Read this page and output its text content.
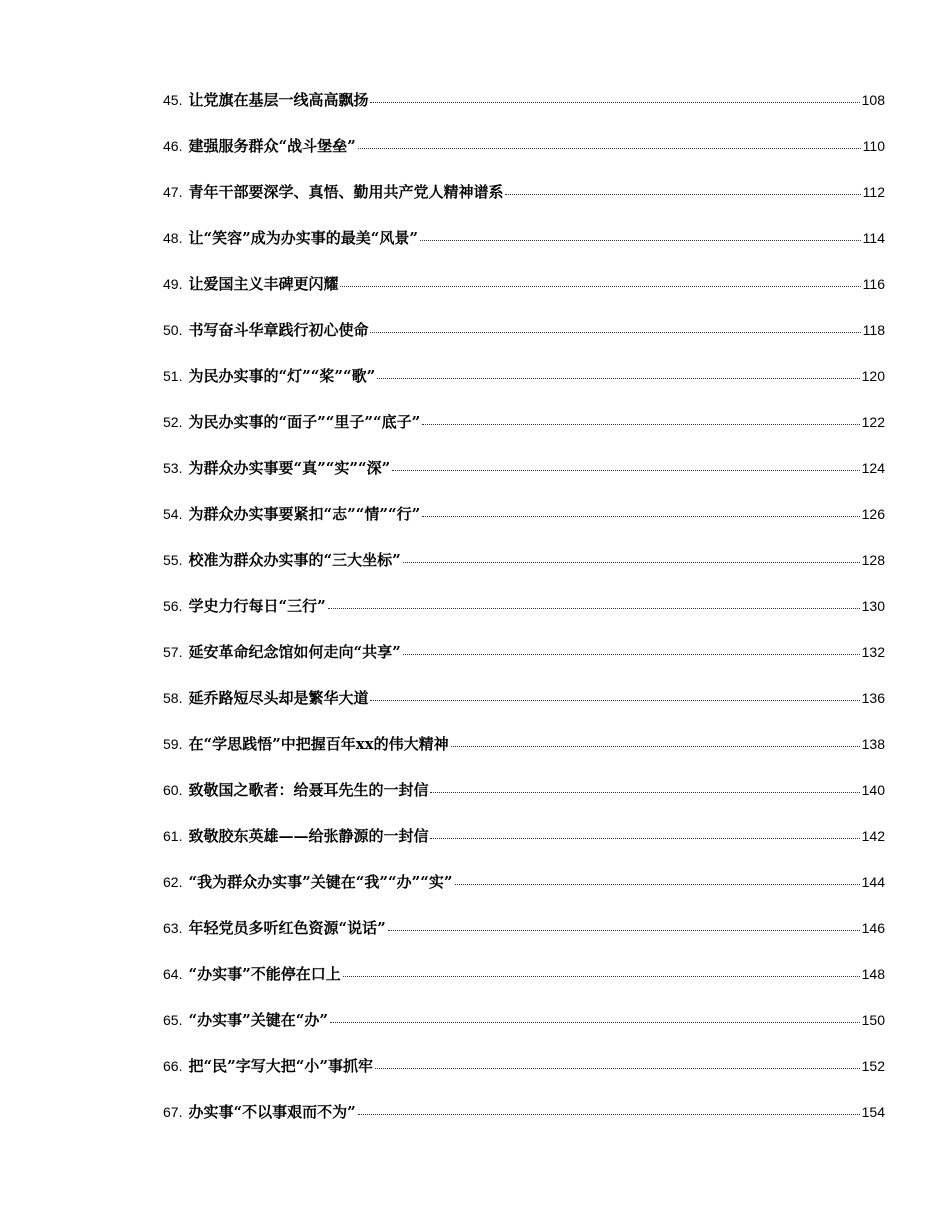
45 . 让党旗在基层一线高高飘扬	108
46 . 建强服务群众“战斗堡垒”	110
47 . 青年干部要深学、真悟、勤用共产党人精神谱系	112
48 . 让“笑容”成为办实事的最美“风景”	114
49 . 让爱国主义丰碑更闪耀	116
50 . 书写奋斗华章践行初心使命	118
51 . 为民办实事的“灯”“桨”“歌”	120
52 . 为民办实事的“面子”“里子”“底子”	122
53 . 为群众办实事要“真”“实”“深”	124
54 . 为群众办实事要紧扣“志”“情”“行”	126
55 . 校准为群众办实事的“三大坐标”	128
56 . 学史力行每日“三行”	130
57 . 延安革命纪念馆如何走向“共享”	132
58 . 延乔路短尽头却是繁华大道	136
59 . 在“学思践悟”中把握百年xx的伟大精神	138
60 . 致敬国之歌者：给聂耳先生的一封信	140
61 . 致敬胶东英雄——给张静源的一封信	142
62 . “我为群众办实事”关键在“我”“办”“实”	144
63 . 年轻党员多听红色资源“说话”	146
64 . “办实事”不能停在口上	148
65 . “办实事”关键在“办”	150
66 . 把“民”字写大把“小”事抓牢	152
67 . 办实事“不以事艰而不为”	154
